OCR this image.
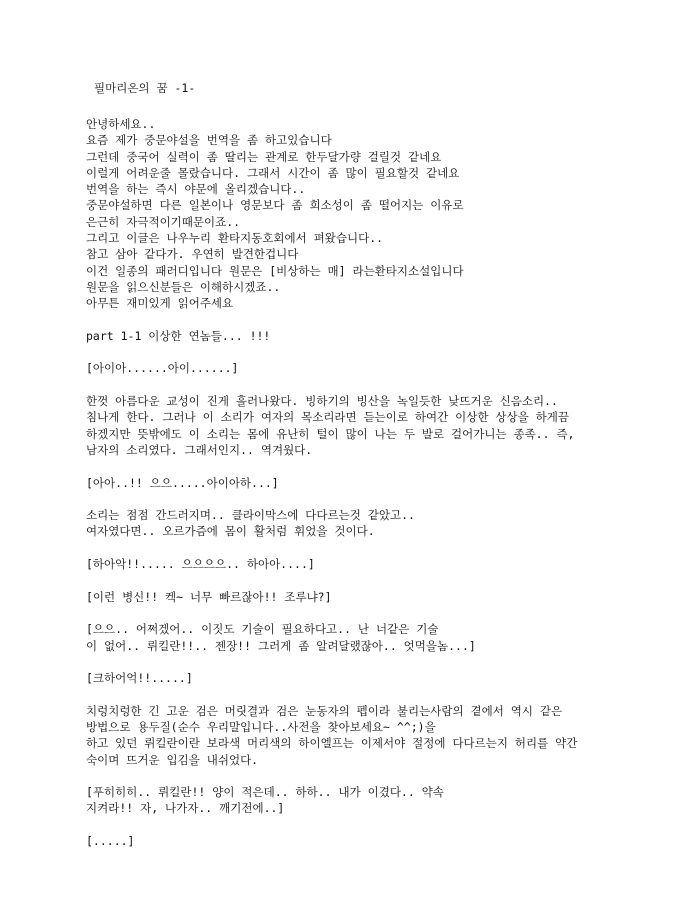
필마리온의 꿈 -1-

안녕하세요..
요즘 제가 중문야설을 번역을 좀 하고있습니다
그런데 중국어 실력이 좀 딸리는 관계로 한두달가량 걸릴것 같네요
이럴게 어려운줄 몰랐습니다. 그래서 시간이 좀 많이 필요할것 같네요
번역을 하는 즉시 야문에 올리겠습니다..
중문야설하면 다른 일본이나 영문보다 좀 희소성이 좀 떨어지는 이유로
은근히 자극적이기때문이죠..
그리고 이글은 나우누리 환타지동호회에서 펴왔습니다..
참고 삼아 같다가. 우연히 발견한겁니다
이건 일종의 패러디입니다 원문은 [비상하는 매] 라는환타지소설입니다
원문을 읽으신분들은 이해하시겠죠..
아무튼 재미있게 읽어주세요

part 1-1 이상한 연놈들... !!!

[아이아......아이......]

한껏 아름다운 교성이 진게 흘러나왔다. 빙하기의 빙산을 녹일듯한 낮뜨거운 신음소리..
침나게 한다. 그러나 이 소리가 여자의 목소리라면 듣는이로 하여간 이상한 상상을 하게끔
하겠지만 뜻밖에도 이 소리는 몸에 유난히 털이 많이 나는 두 발로 걸어가니는 종족.. 즉,
남자의 소리였다. 그래서인지.. 역겨웠다.

[아아..!! 으으.....아이아하...]

소리는 점점 간드러지며.. 클라이막스에 다다르는것 같았고..
여자였다면.. 오르가즘에 몸이 활처럼 휘었을 것이다.

[하아악!!..... 으으으으.. 하아아....]

[이런 병신!! 켁~ 너무 빠르잖아!! 조루냐?]

[으으.. 어쩌겠어.. 이짓도 기술이 필요하다고.. 난 너같은 기술
이 없어.. 뤼킬란!!.. 젠장!! 그러게 좀 알려달랬잖아.. 엇먹을놈...]

[크하어억!!.....]

치렁치렁한 긴 고운 검은 머릿결과 검은 눈동자의 펩이라 불리는사람의 곁에서 역시 같은
방법으로 용두질(순수 우리말입니다..사전을 찾아보세요~ ^^;)을
하고 있던 뤼킬란이란 보라색 머리색의 하이엘프는 이제서야 절정에 다다르는지 허리를 약간
숙이며 뜨거운 입김을 내쉬었다.

[푸히히히.. 뤼킬란!! 양이 적은데.. 하하.. 내가 이겼다.. 약속
지켜라!! 자, 나가자.. 깨기전에..]

[.....]
